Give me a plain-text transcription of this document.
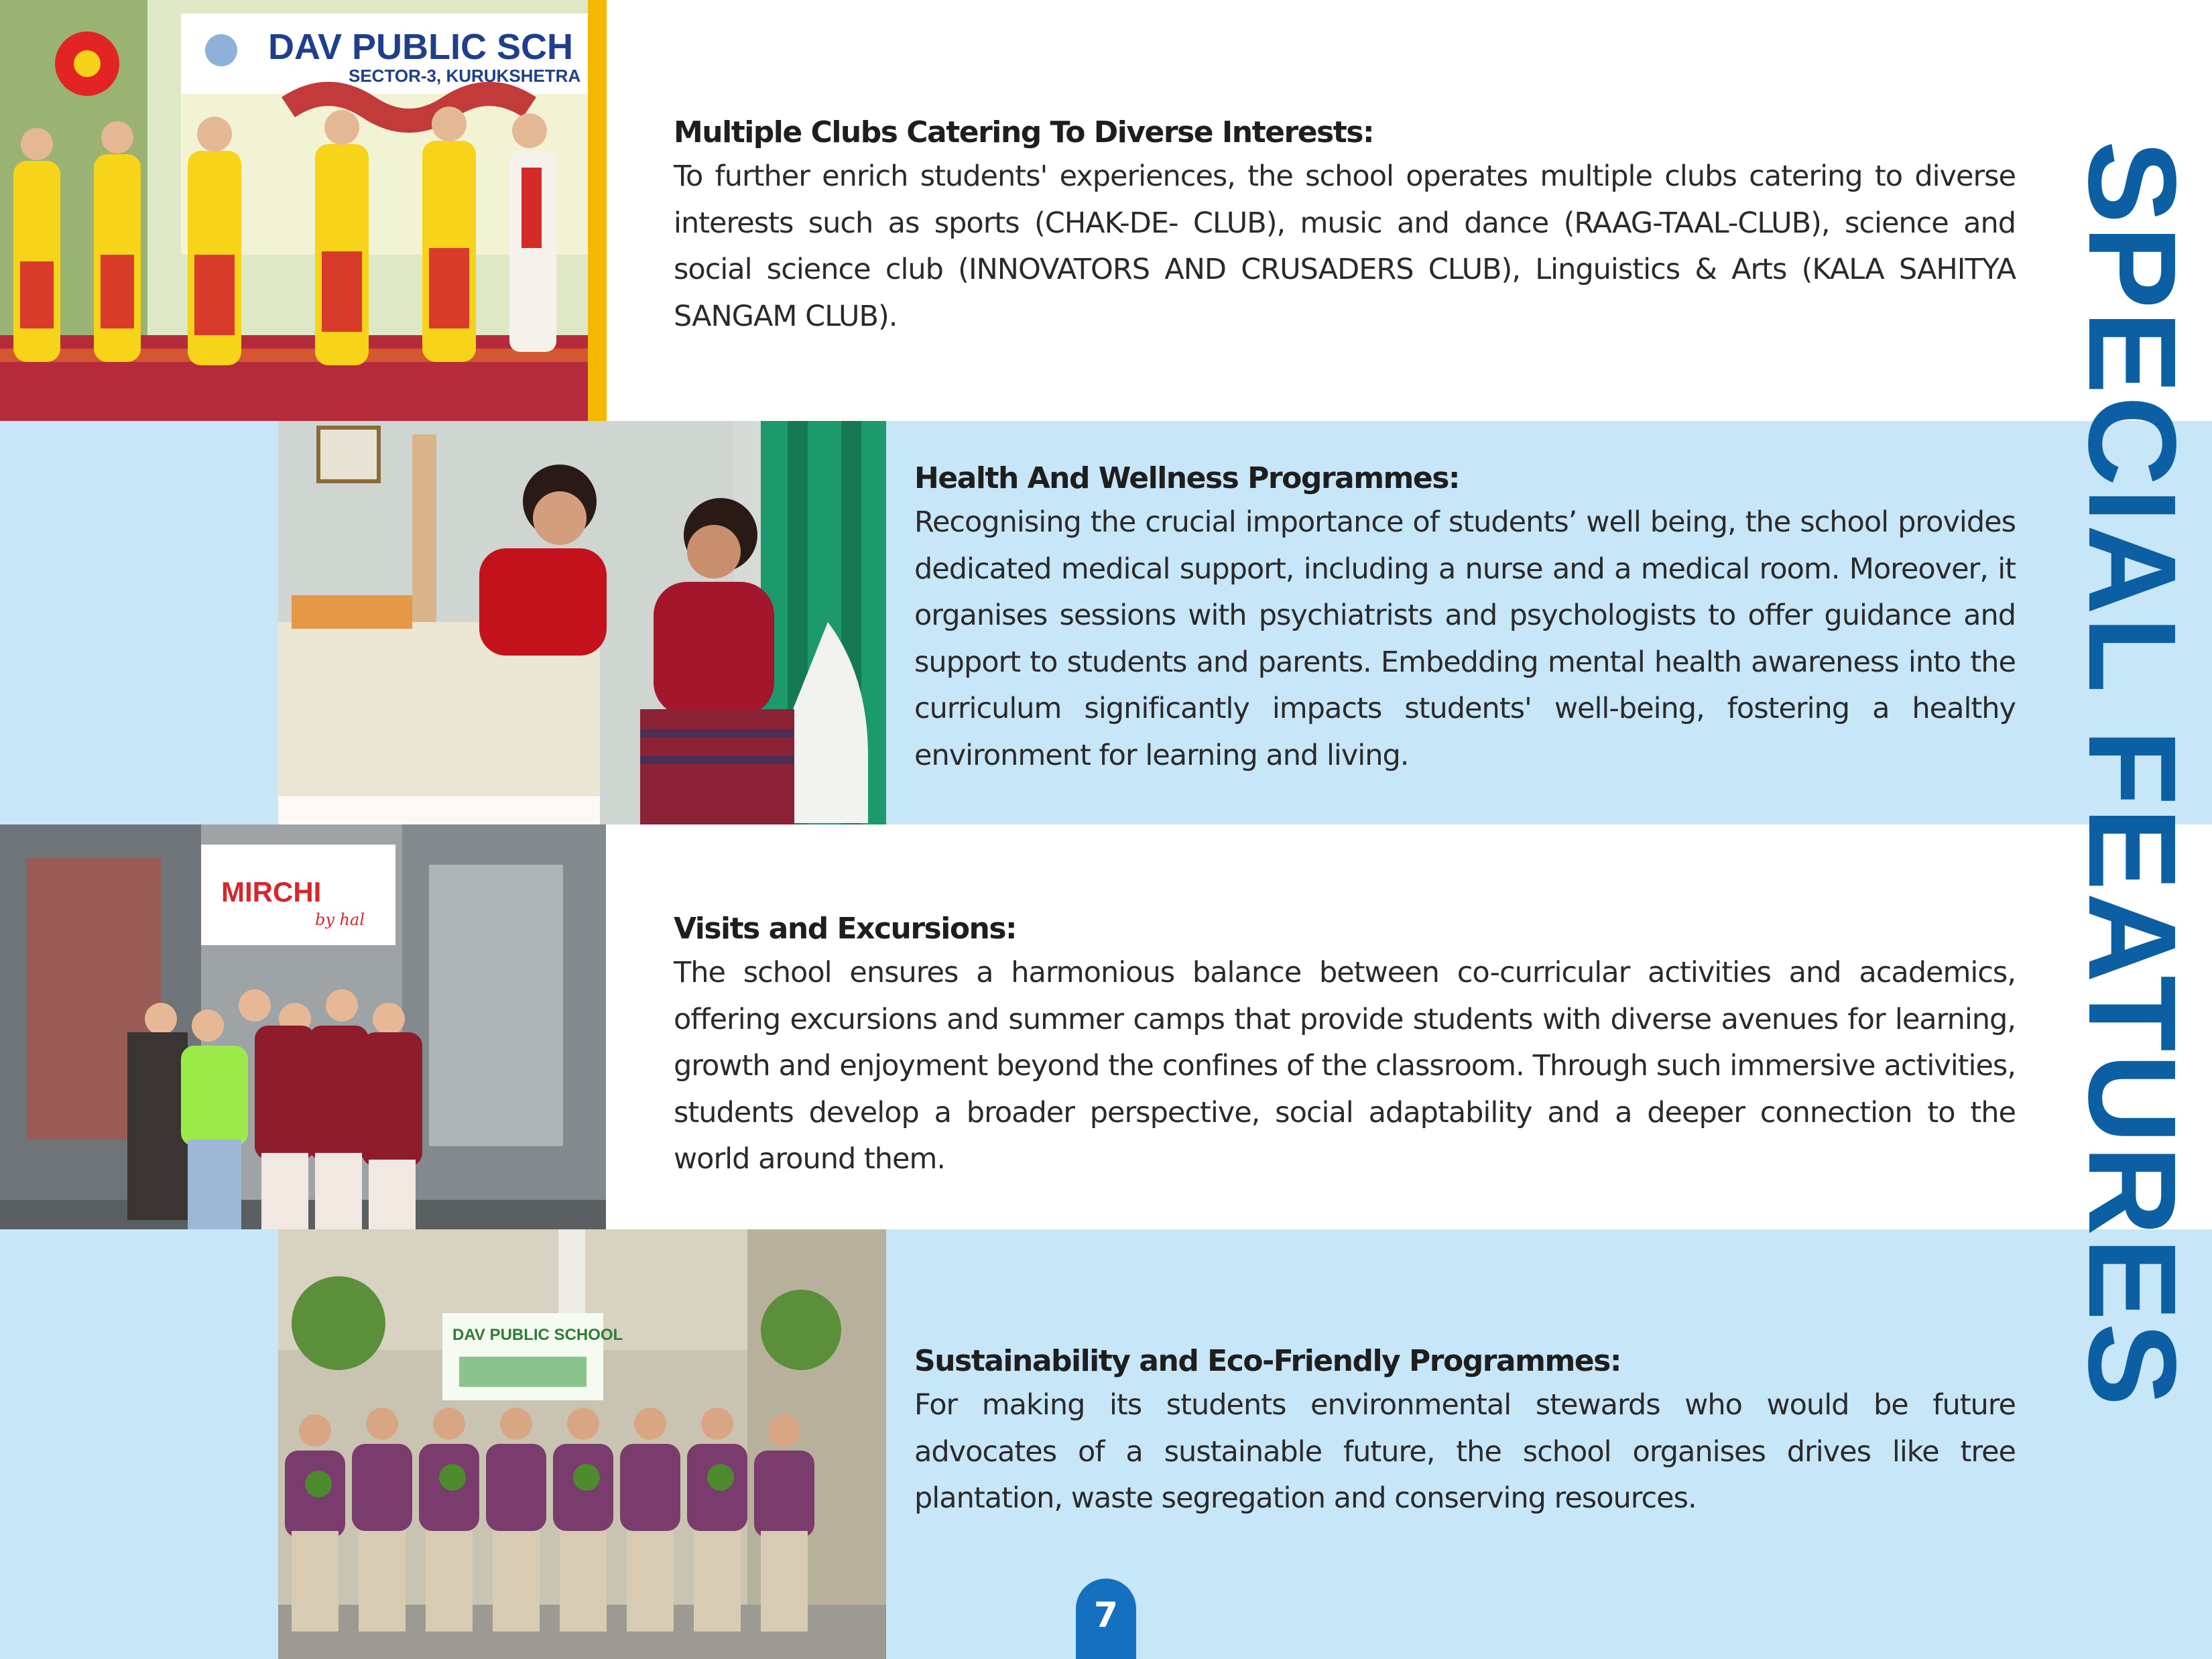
DAV PUBLIC SCH
SECTOR-3, KURUKSHETRA
MIRCHI
by hal
DAV PUBLIC SCHOOL
Multiple Clubs Catering To Diverse Interests:

To further enrich students' experiences, the school operates multiple clubs catering to diverse interests such as sports (CHAK-DE- CLUB), music and dance (RAAG-TAAL-CLUB), science and social science club (INNOVATORS AND CRUSADERS CLUB), Linguistics & Arts (KALA SAHITYA SANGAM CLUB).

Health And Wellness Programmes:

Recognising the crucial importance of students’ well being, the school provides dedicated medical support, including a nurse and a medical room. Moreover, it organises sessions with psychiatrists and psychologists to offer guidance and support to students and parents. Embedding mental health awareness into the curriculum significantly impacts students' well-being, fostering a healthy environment for learning and living.

Visits and Excursions:

The school ensures a harmonious balance between co-curricular activities and academics, offering excursions and summer camps that provide students with diverse avenues for learning, growth and enjoyment beyond the confines of the classroom. Through such immersive activities, students develop a broader perspective, social adaptability and a deeper connection to the world around them.

Sustainability and Eco-Friendly Programmes:

For making its students environmental stewards who would be future advocates of a sustainable future, the school organises drives like tree plantation, waste segregation and conserving resources.

SPECIAL FEATURES
7
